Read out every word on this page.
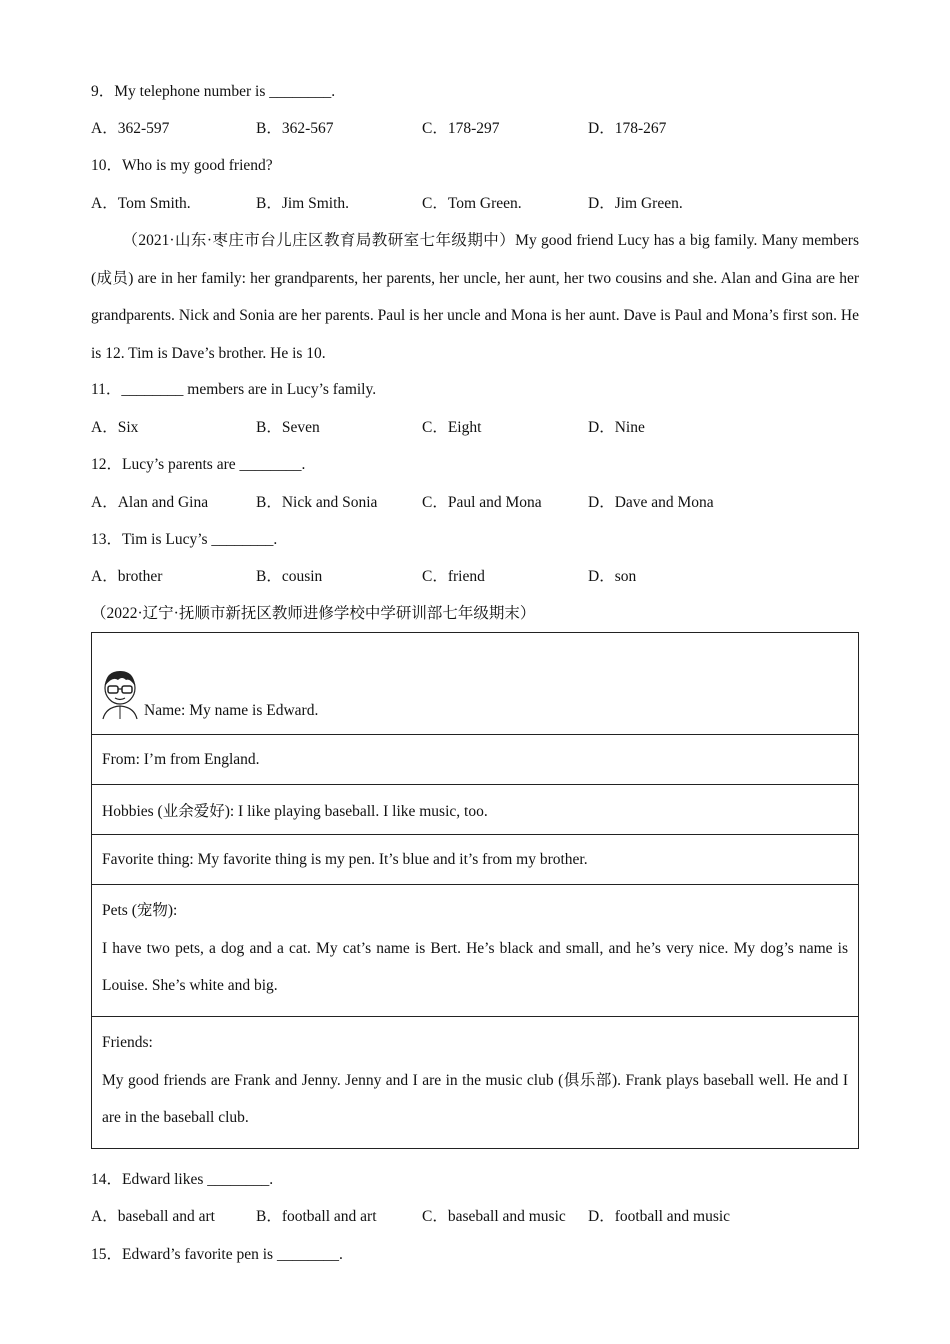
9．My telephone number is ________.
A．362-597	B．362-567	C．178-297	D．178-267
10．Who is my good friend?
A．Tom Smith.	B．Jim Smith.	C．Tom Green.	D．Jim Green.
（2021·山东·枣庄市台儿庄区教育局教研室七年级期中）My good friend Lucy has a big family. Many members (成员) are in her family: her grandparents, her parents, her uncle, her aunt, her two cousins and she. Alan and Gina are her grandparents. Nick and Sonia are her parents. Paul is her uncle and Mona is her aunt. Dave is Paul and Mona’s first son. He is 12. Tim is Dave’s brother. He is 10.
11．________ members are in Lucy’s family.
A．Six	B．Seven	C．Eight	D．Nine
12．Lucy’s parents are ________.
A．Alan and Gina	B．Nick and Sonia	C．Paul and Mona	D．Dave and Mona
13．Tim is Lucy’s ________.
A．brother	B．cousin	C．friend	D．son
（2022·辽宁·抚顺市新抚区教师进修学校中学研训部七年级期末）
Name: My name is Edward.
From: I’m from England.
Hobbies (业余爱好): I like playing baseball. I like music, too.
Favorite thing: My favorite thing is my pen. It’s blue and it’s from my brother.

Pets (宠物):
I have two pets, a dog and a cat. My cat’s name is Bert. He’s black and small, and he’s very nice. My dog’s name is Louise. She’s white and big.

Friends:
My good friends are Frank and Jenny. Jenny and I are in the music club (俱乐部). Frank plays baseball well. He and I are in the baseball club.
14．Edward likes ________.
A．baseball and art	B．football and art	C．baseball and music D．football and music
15．Edward’s favorite pen is ________.
